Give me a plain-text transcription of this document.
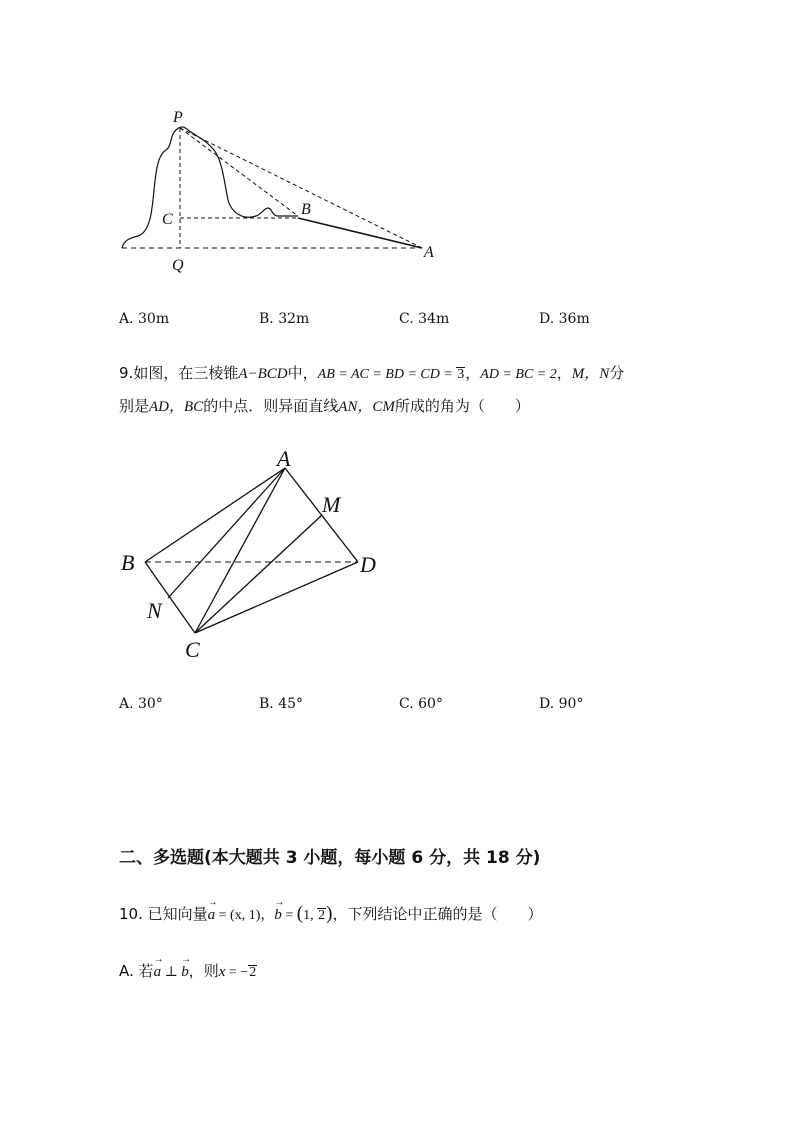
P
C
B
Q
A
A. 30m	B. 32m	C. 34m	D. 36m
9.如图，在三棱锥A−BCD中，AB = AC = BD = CD = 3，AD = BC = 2，M，N分
别是AD，BC的中点．则异面直线AN，CM所成的角为（　　）
A
M
B	D
N
C
A. 30°	B. 45°	C. 60°	D. 90°
二、多选题(本大题共 3 小题，每小题 6 分，共 18 分)
10. 已知向量→ a = (x, 1)，→ b = (1, 2)，下列结论中正确的是（　　）
A. 若→ a ⊥ → b，则x = −2
